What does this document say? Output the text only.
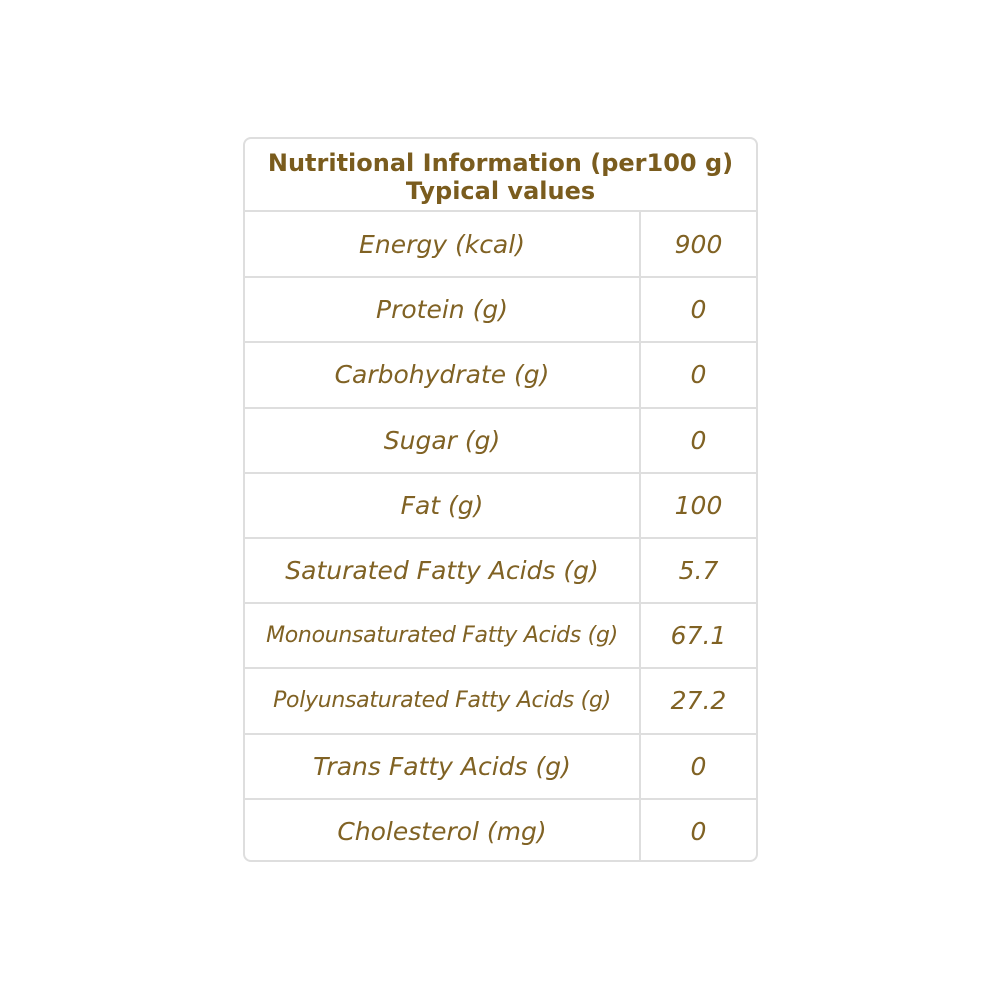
Nutritional Information (per100 g)
Typical values
Energy (kcal)	900
Protein (g)	0
Carbohydrate (g)	0
Sugar (g)	0
Fat (g)	100
Saturated Fatty Acids (g)	5.7
Monounsaturated Fatty Acids (g)	67.1
Polyunsaturated Fatty Acids (g)	27.2
Trans Fatty Acids (g)	0
Cholesterol (mg)	0
